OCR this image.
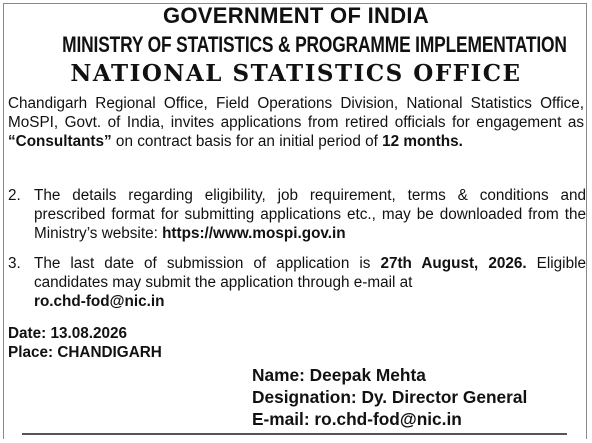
GOVERNMENT OF INDIA
MINISTRY OF STATISTICS & PROGRAMME IMPLEMENTATION
NATIONAL STATISTICS OFFICE
Chandigarh Regional Office, Field Operations Division, National Statistics Office, MoSPI, Govt. of India, invites applications from retired officials for engagement as “Consultants” on contract basis for an initial period of 12 months.
2. The details regarding eligibility, job requirement, terms & conditions and prescribed format for submitting applications etc., may be downloaded from the Ministry’s website: https://www.mospi.gov.in
3. The last date of submission of application is 27th August, 2026. Eligible candidates may submit the application through e-mail at
ro.chd-fod@nic.in
Date: 13.08.2026
Place: CHANDIGARH
Name: Deepak Mehta
Designation: Dy. Director General
E-mail: ro.chd-fod@nic.in
